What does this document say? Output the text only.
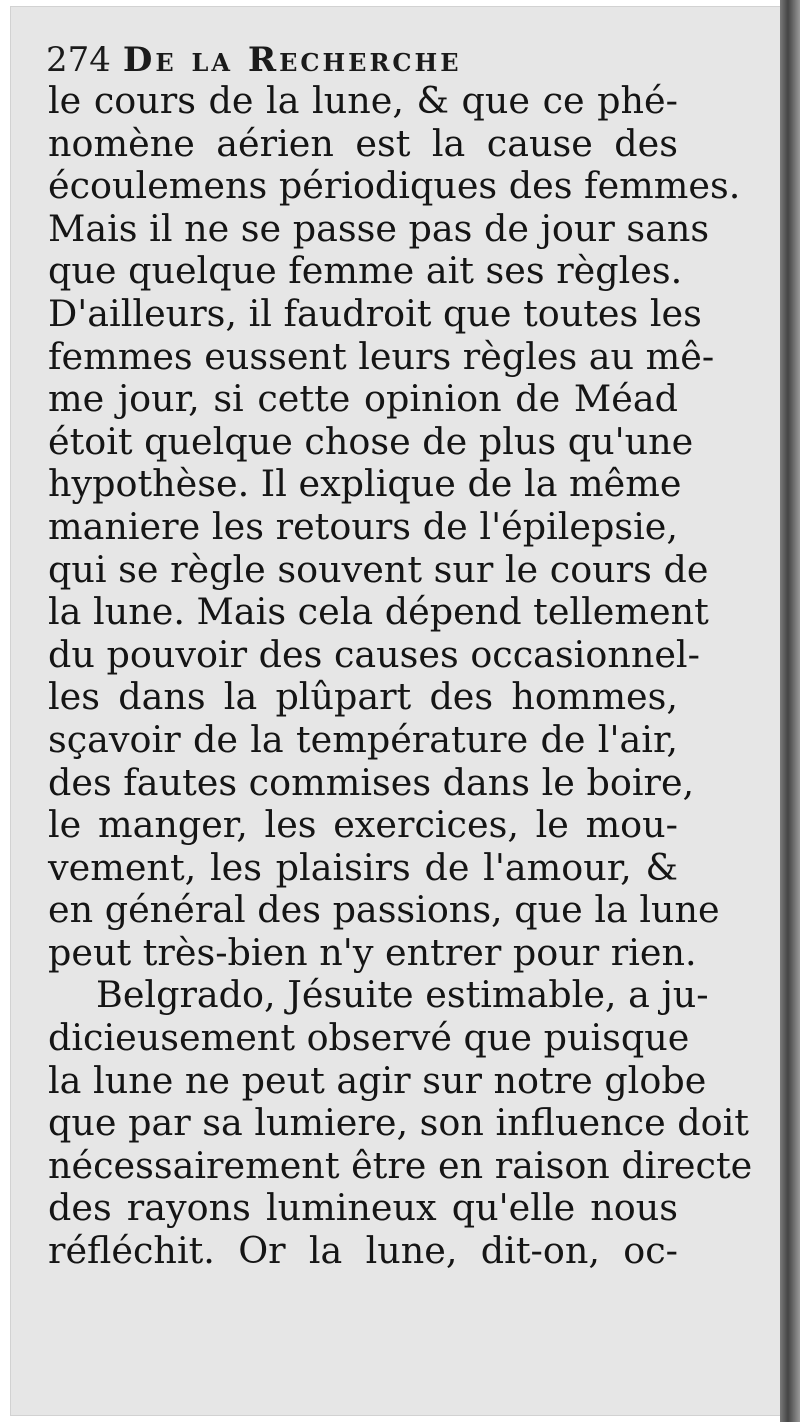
274 De la Recherche
le cours de la lune, & que ce phé-
nomène aérien est la cause des
écoulemens périodiques des femmes.
Mais il ne se passe pas de jour sans
que quelque femme ait ses règles.
D'ailleurs, il faudroit que toutes les
femmes eussent leurs règles au mê-
me jour, si cette opinion de Méad
étoit quelque chose de plus qu'une
hypothèse. Il explique de la même
maniere les retours de l'épilepsie,
qui se règle souvent sur le cours de
la lune. Mais cela dépend tellement
du pouvoir des causes occasionnel-
les dans la plûpart des hommes,
sçavoir de la température de l'air,
des fautes commises dans le boire,
le manger, les exercices, le mou-
vement, les plaisirs de l'amour, &
en général des passions, que la lune
peut très-bien n'y entrer pour rien.
Belgrado, Jésuite estimable, a ju-
dicieusement observé que puisque
la lune ne peut agir sur notre globe
que par sa lumiere, son influence doit
nécessairement être en raison directe
des rayons lumineux qu'elle nous
réfléchit. Or la lune, dit-on, oc-
